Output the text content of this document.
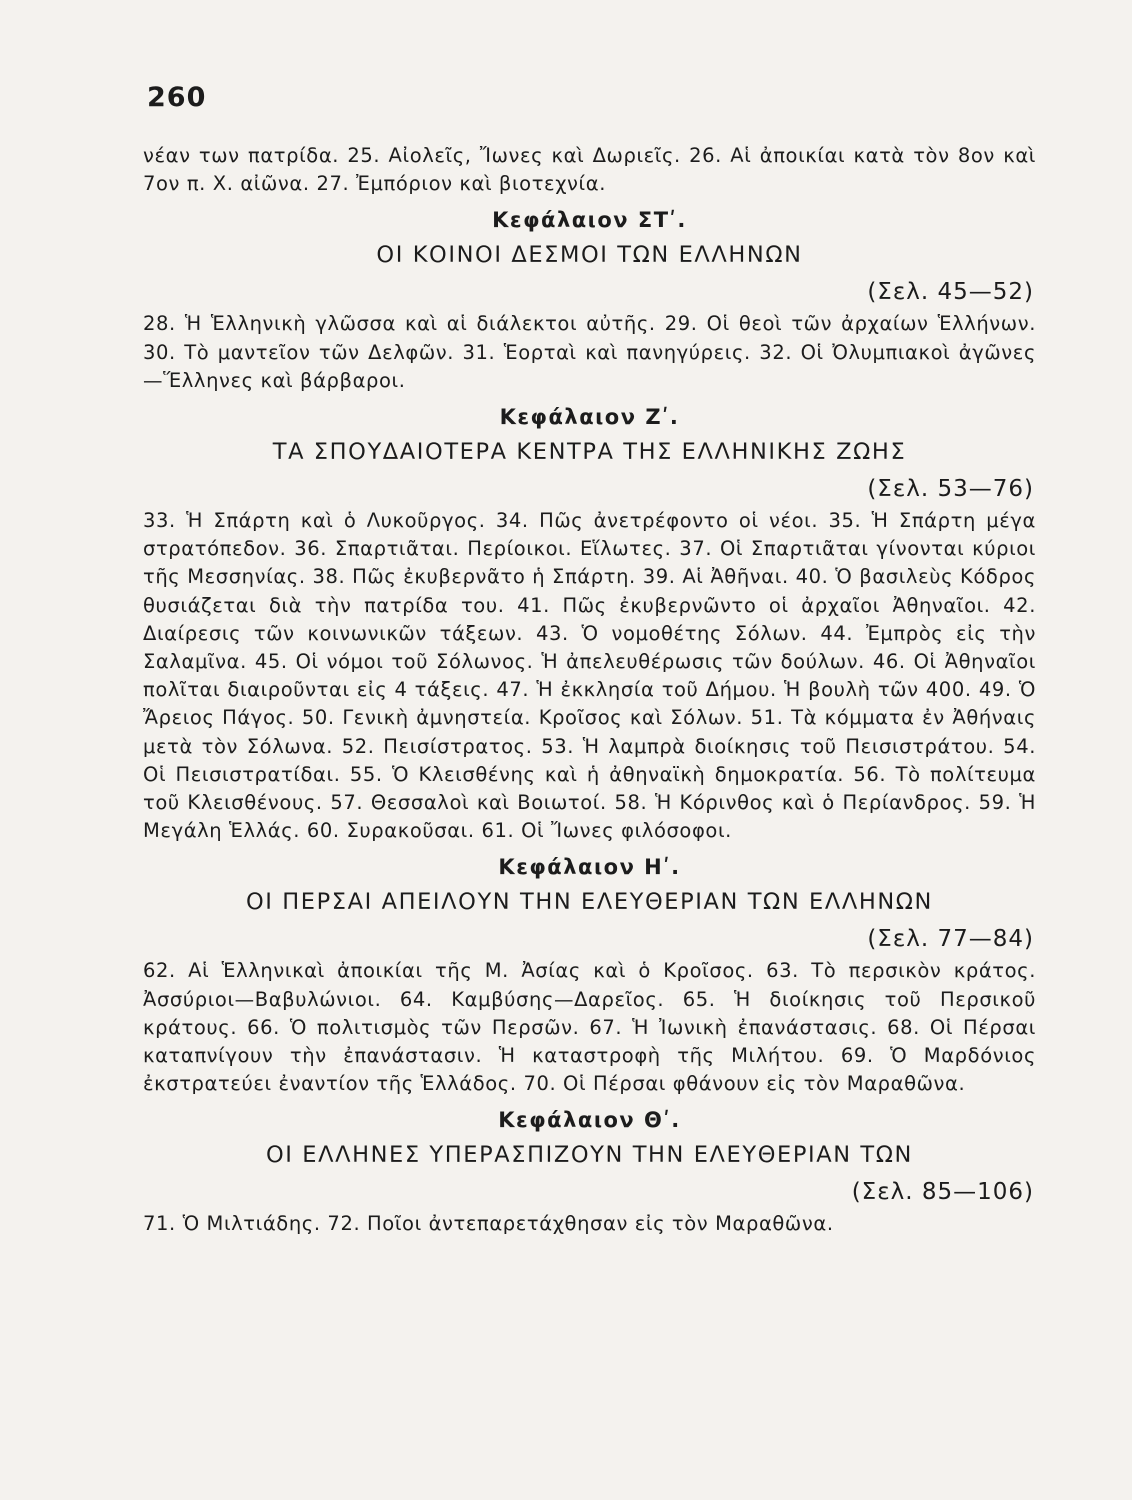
260

νέαν των πατρίδα. 25. Αἰολεῖς, Ἴωνες καὶ Δωριεῖς. 26. Αἱ ἀποικίαι κατὰ τὸν 8ον καὶ 7ον π. Χ. αἰῶνα. 27. Ἐμπόριον καὶ βιοτεχνία.

Κεφάλαιον ΣΤʹ.
ΟΙ ΚΟΙΝΟΙ ΔΕΣΜΟΙ ΤΩΝ ΕΛΛΗΝΩΝ
(Σελ. 45—52)

28. Ἡ Ἑλληνικὴ γλῶσσα καὶ αἱ διάλεκτοι αὐτῆς. 29. Οἱ θεοὶ τῶν ἀρχαίων Ἑλλήνων. 30. Τὸ μαντεῖον τῶν Δελφῶν. 31. Ἑορταὶ καὶ πανηγύρεις. 32. Οἱ Ὀλυμπιακοὶ ἀγῶνες—Ἕλληνες καὶ βάρβαροι.

Κεφάλαιον Ζʹ.
ΤΑ ΣΠΟΥΔΑΙΟΤΕΡΑ ΚΕΝΤΡΑ ΤΗΣ ΕΛΛΗΝΙΚΗΣ ΖΩΗΣ
(Σελ. 53—76)

33. Ἡ Σπάρτη καὶ ὁ Λυκοῦργος. 34. Πῶς ἀνετρέφοντο οἱ νέοι. 35. Ἡ Σπάρτη μέγα στρατόπεδον. 36. Σπαρτιᾶται. Περίοικοι. Εἵλωτες. 37. Οἱ Σπαρτιᾶται γίνονται κύριοι τῆς Μεσσηνίας. 38. Πῶς ἐκυβερνᾶτο ἡ Σπάρτη. 39. Αἱ Ἀθῆναι. 40. Ὁ βασιλεὺς Κόδρος θυσιάζεται διὰ τὴν πατρίδα του. 41. Πῶς ἐκυβερνῶντο οἱ ἀρχαῖοι Ἀθηναῖοι. 42. Διαίρεσις τῶν κοινωνικῶν τάξεων. 43. Ὁ νομοθέτης Σόλων. 44. Ἐμπρὸς εἰς τὴν Σαλαμῖνα. 45. Οἱ νόμοι τοῦ Σόλωνος. Ἡ ἀπελευθέρωσις τῶν δούλων. 46. Οἱ Ἀθηναῖοι πολῖται διαιροῦνται εἰς 4 τάξεις. 47. Ἡ ἐκκλησία τοῦ Δήμου. Ἡ βουλὴ τῶν 400. 49. Ὁ Ἄρειος Πάγος. 50. Γενικὴ ἀμνηστεία. Κροῖσος καὶ Σόλων. 51. Τὰ κόμματα ἐν Ἀθήναις μετὰ τὸν Σόλωνα. 52. Πεισίστρατος. 53. Ἡ λαμπρὰ διοίκησις τοῦ Πεισιστράτου. 54. Οἱ Πεισιστρατίδαι. 55. Ὁ Κλεισθένης καὶ ἡ ἀθηναϊκὴ δημοκρατία. 56. Τὸ πολίτευμα τοῦ Κλεισθένους. 57. Θεσσαλοὶ καὶ Βοιωτοί. 58. Ἡ Κόρινθος καὶ ὁ Περίανδρος. 59. Ἡ Μεγάλη Ἑλλάς. 60. Συρακοῦσαι. 61. Οἱ Ἴωνες φιλόσοφοι.

Κεφάλαιον Ηʹ.
ΟΙ ΠΕΡΣΑΙ ΑΠΕΙΛΟΥΝ ΤΗΝ ΕΛΕΥΘΕΡΙΑΝ ΤΩΝ ΕΛΛΗΝΩΝ
(Σελ. 77—84)

62. Αἱ Ἑλληνικαὶ ἀποικίαι τῆς Μ. Ἀσίας καὶ ὁ Κροῖσος. 63. Τὸ περσικὸν κράτος. Ἀσσύριοι—Βαβυλώνιοι. 64. Καμβύσης—Δαρεῖος. 65. Ἡ διοίκησις τοῦ Περσικοῦ κράτους. 66. Ὁ πολιτισμὸς τῶν Περσῶν. 67. Ἡ Ἰωνικὴ ἐπανάστασις. 68. Οἱ Πέρσαι καταπνίγουν τὴν ἐπανάστασιν. Ἡ καταστροφὴ τῆς Μιλήτου. 69. Ὁ Μαρδόνιος ἐκστρατεύει ἐναντίον τῆς Ἑλλάδος. 70. Οἱ Πέρσαι φθάνουν εἰς τὸν Μαραθῶνα.

Κεφάλαιον Θʹ.
ΟΙ ΕΛΛΗΝΕΣ ΥΠΕΡΑΣΠΙΖΟΥΝ ΤΗΝ ΕΛΕΥΘΕΡΙΑΝ ΤΩΝ
(Σελ. 85—106)

71. Ὁ Μιλτιάδης. 72. Ποῖοι ἀντεπαρετάχθησαν εἰς τὸν Μαραθῶνα.
